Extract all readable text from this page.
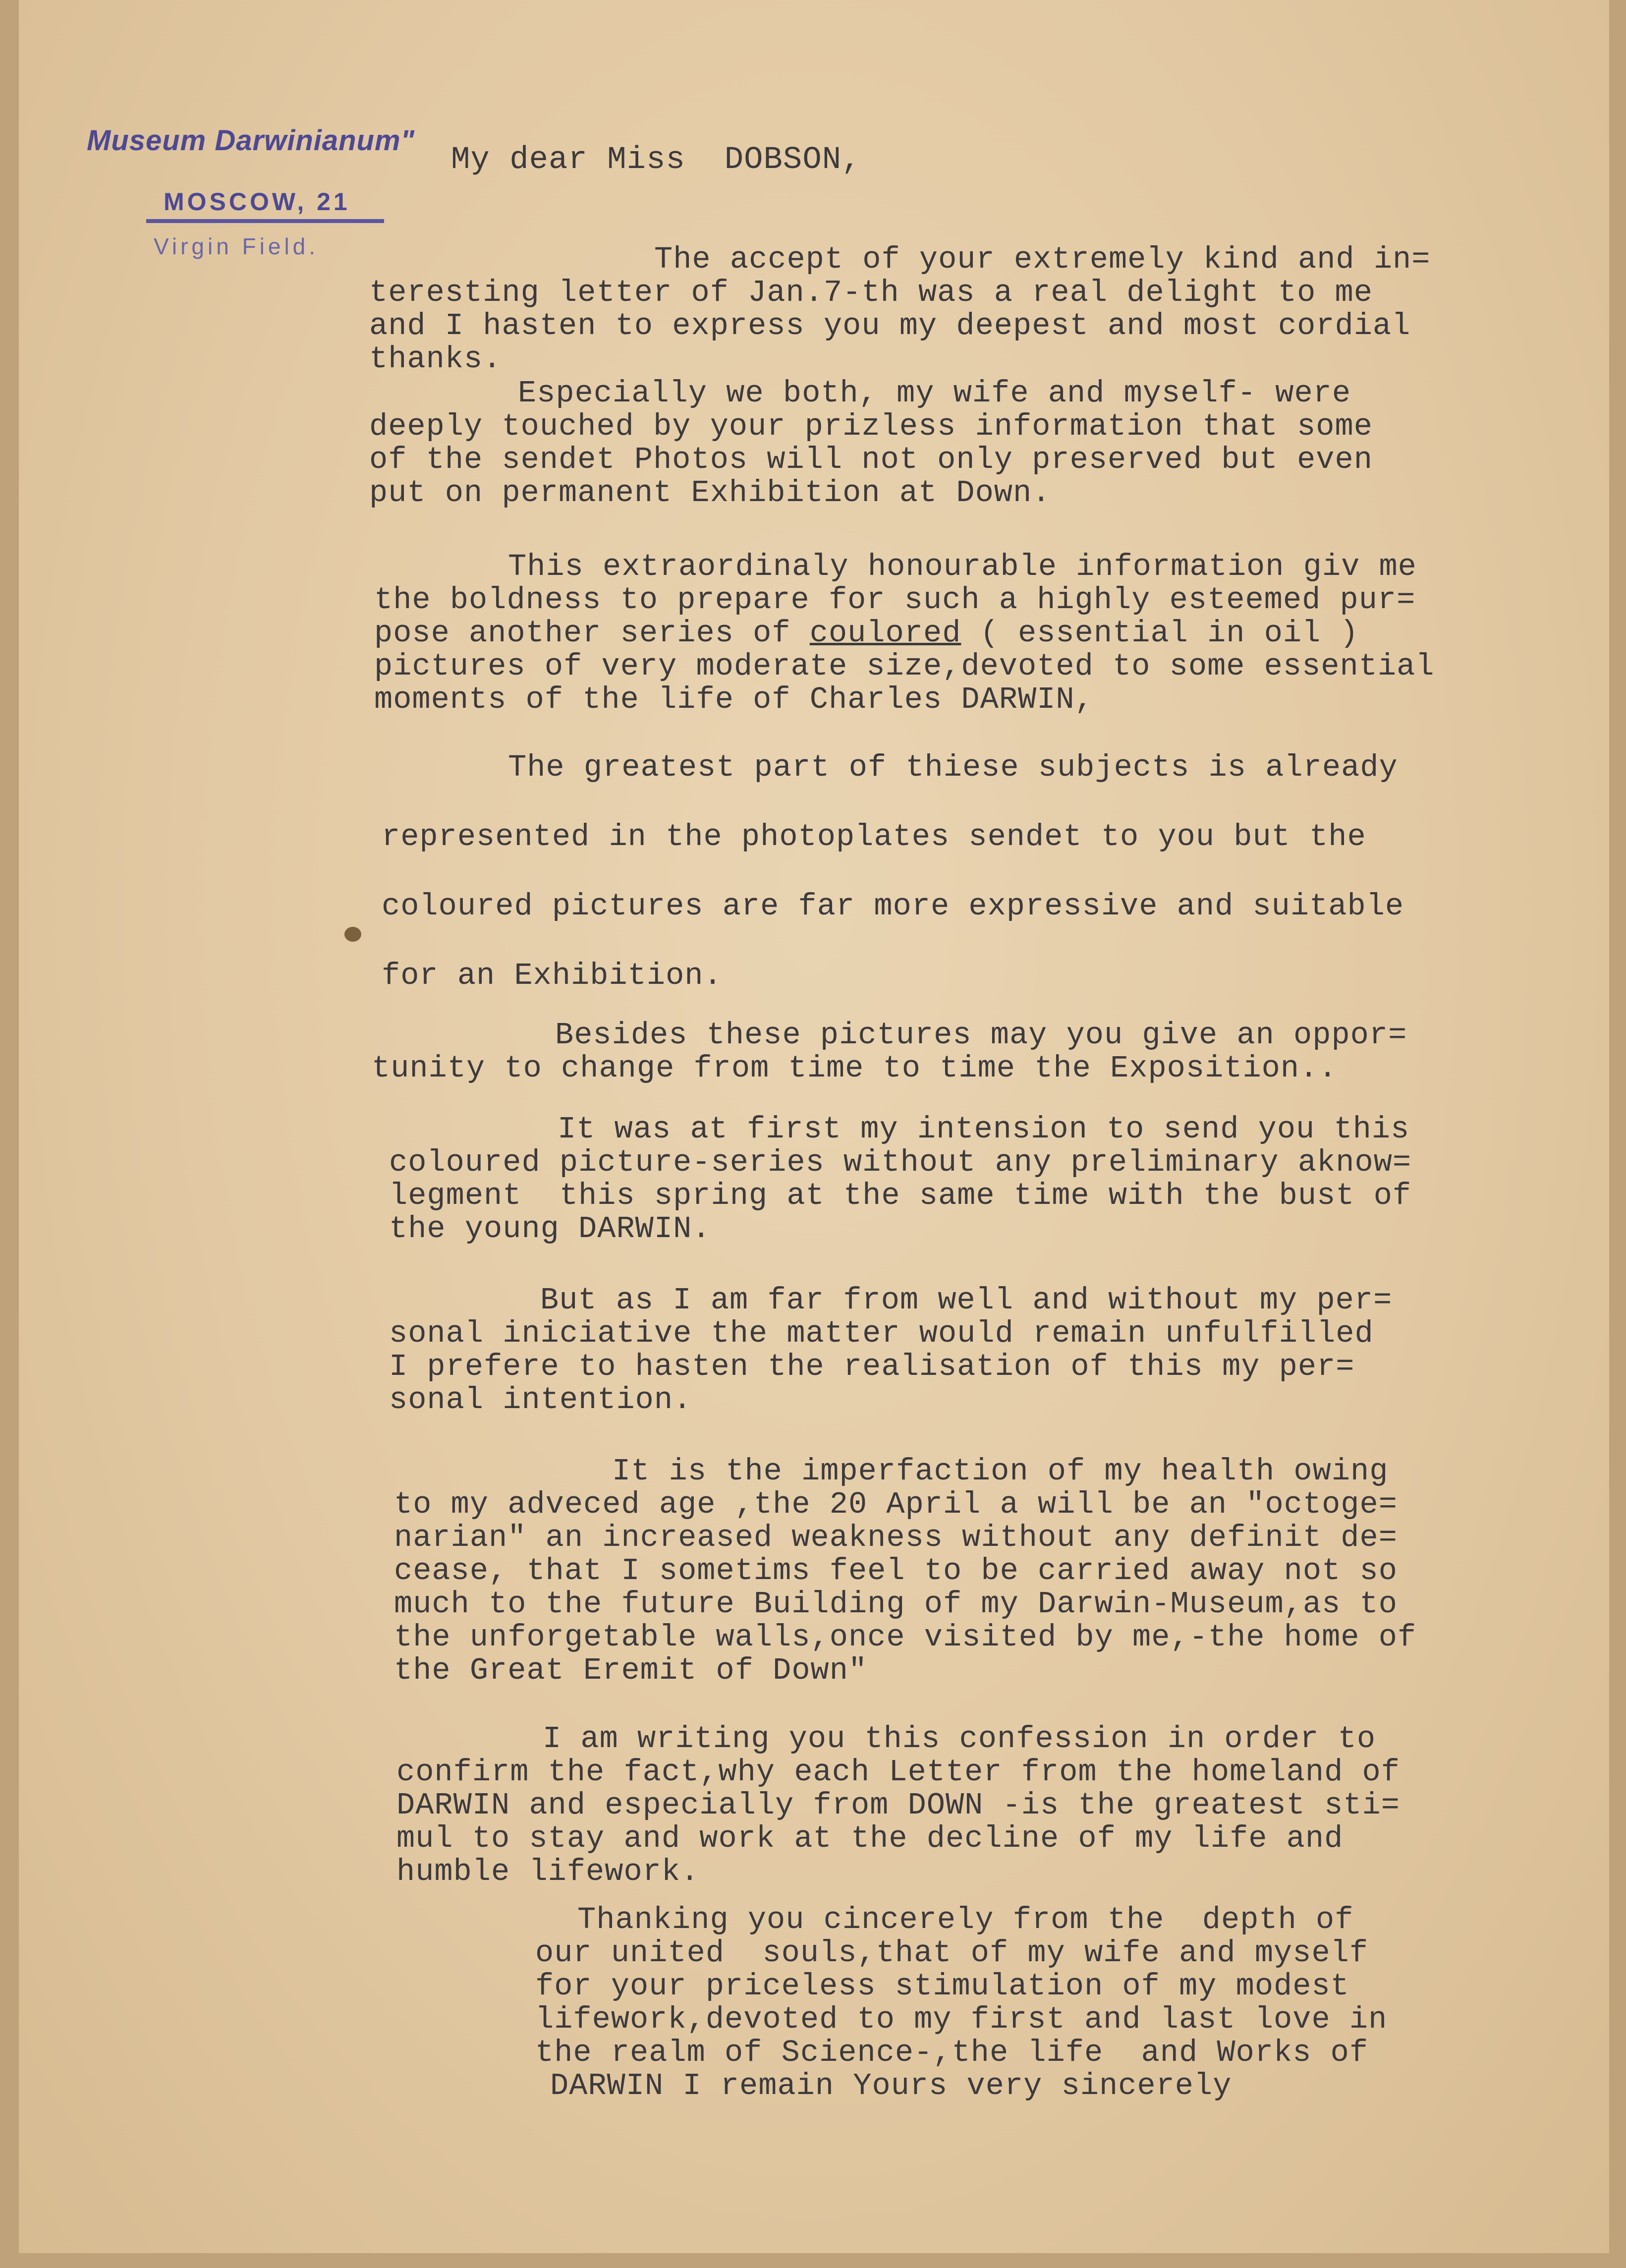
Museum Darwinianum"
MOSCOW, 21
Virgin Field.
My dear Miss  DOBSON,
The accept of your extremely kind and in=
teresting letter of Jan.7-th was a real delight to me
and I hasten to express you my deepest and most cordial
thanks.
Especially we both, my wife and myself- were
deeply touched by your prizless information that some
of the sendet Photos will not only preserved but even
put on permanent Exhibition at Down.
This extraordinaly honourable information giv me
the boldness to prepare for such a highly esteemed pur=
pose another series of coulored ( essential in oil )
pictures of very moderate size,devoted to some essential
moments of the life of Charles DARWIN,
The greatest part of thiese subjects is already
represented in the photoplates sendet to you but the
coloured pictures are far more expressive and suitable
for an Exhibition.
Besides these pictures may you give an oppor=
tunity to change from time to time the Exposition..
It was at first my intension to send you this
coloured picture-series without any preliminary aknow=
legment  this spring at the same time with the bust of
the young DARWIN.
But as I am far from well and without my per=
sonal iniciative the matter would remain unfulfilled
I prefere to hasten the realisation of this my per=
sonal intention.
It is the imperfaction of my health owing
to my adveced age ,the 20 April a will be an "octoge=
narian" an increased weakness without any definit de=
cease, that I sometims feel to be carried away not so
much to the future Building of my Darwin-Museum,as to
the unforgetable walls,once visited by me,-the home of
the Great Eremit of Down"
I am writing you this confession in order to
confirm the fact,why each Letter from the homeland of
DARWIN and especially from DOWN -is the greatest sti=
mul to stay and work at the decline of my life and
humble lifework.
Thanking you cincerely from the  depth of
our united  souls,that of my wife and myself
for your priceless stimulation of my modest
lifework,devoted to my first and last love in
the realm of Science-,the life  and Works of
DARWIN I remain Yours very sincerely
